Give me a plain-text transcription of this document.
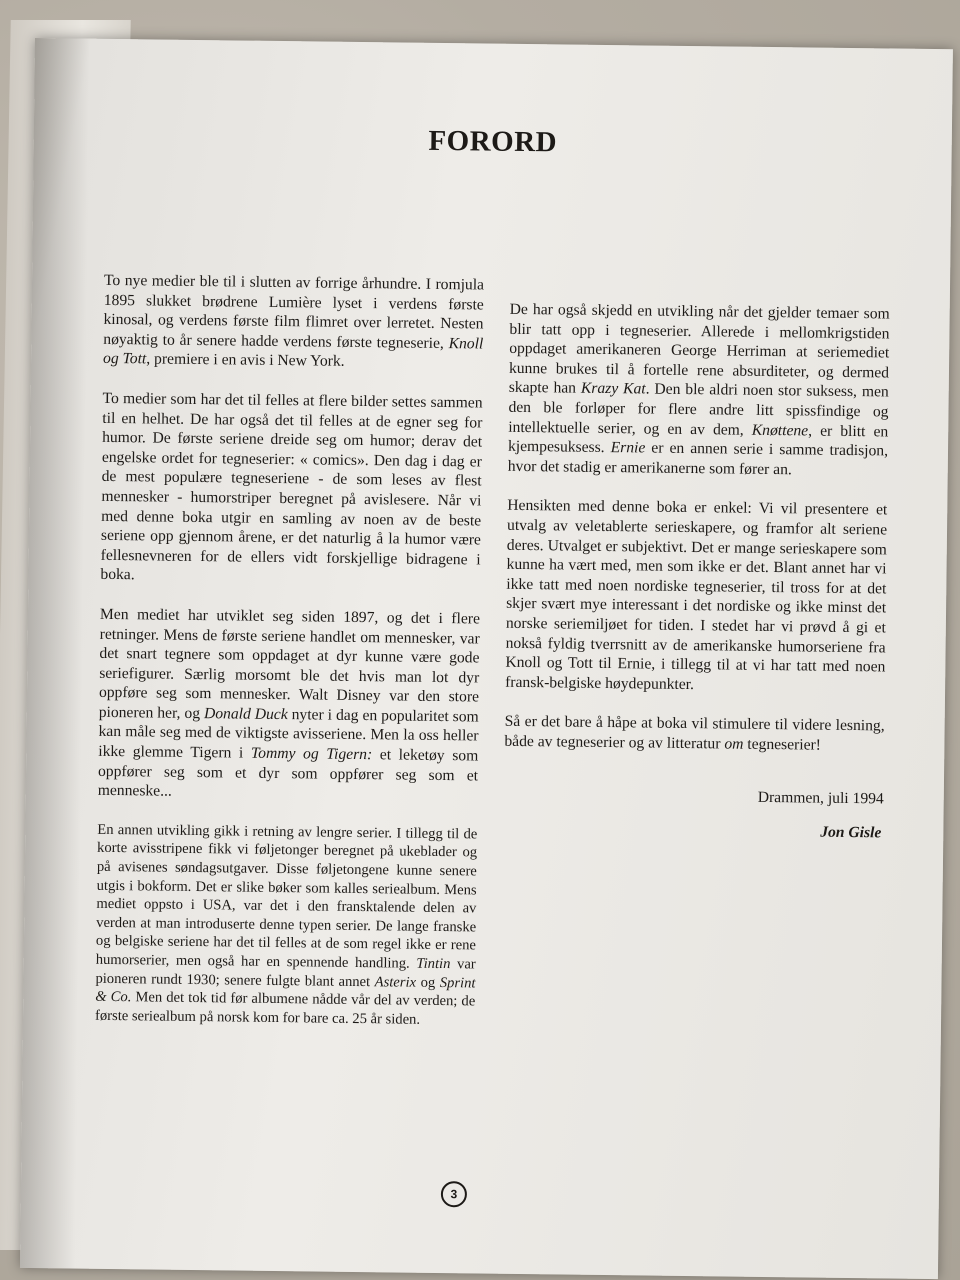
FORORD

To nye medier ble til i slutten av forrige århundre. I romjula 1895 slukket brødrene Lumière lyset i verdens første kinosal, og verdens første film flimret over lerretet. Nesten nøyaktig to år senere hadde verdens første tegneserie, Knoll og Tott, premiere i en avis i New York.

To medier som har det til felles at flere bilder settes sammen til en helhet. De har også det til felles at de egner seg for humor. De første seriene dreide seg om humor; derav det engelske ordet for tegneserier: « comics». Den dag i dag er de mest populære tegneseriene - de som leses av flest mennesker - humorstriper beregnet på avislesere. Når vi med denne boka utgir en samling av noen av de beste seriene opp gjennom årene, er det naturlig å la humor være fellesnevneren for de ellers vidt forskjellige bidragene i boka.

Men mediet har utviklet seg siden 1897, og det i flere retninger. Mens de første seriene handlet om mennesker, var det snart tegnere som oppdaget at dyr kunne være gode seriefigurer. Særlig morsomt ble det hvis man lot dyr oppføre seg som mennesker. Walt Disney var den store pioneren her, og Donald Duck nyter i dag en popularitet som kan måle seg med de viktigste avisseriene. Men la oss heller ikke glemme Tigern i Tommy og Tigern: et leketøy som oppfører seg som et dyr som oppfører seg som et menneske...

En annen utvikling gikk i retning av lengre serier. I tillegg til de korte avisstripene fikk vi føljetonger beregnet på ukeblader og på avisenes søndagsutgaver. Disse føljetongene kunne senere utgis i bokform. Det er slike bøker som kalles seriealbum. Mens mediet oppsto i USA, var det i den fransktalende delen av verden at man introduserte denne typen serier. De lange franske og belgiske seriene har det til felles at de som regel ikke er rene humorserier, men også har en spennende handling. Tintin var pioneren rundt 1930; senere fulgte blant annet Asterix og Sprint & Co. Men det tok tid før albumene nådde vår del av verden; de første seriealbum på norsk kom for bare ca. 25 år siden.

De har også skjedd en utvikling når det gjelder temaer som blir tatt opp i tegneserier. Allerede i mellomkrigstiden oppdaget amerikaneren George Herriman at seriemediet kunne brukes til å fortelle rene absurditeter, og dermed skapte han Krazy Kat. Den ble aldri noen stor suksess, men den ble forløper for flere andre litt spissfindige og intellektuelle serier, og en av dem, Knøttene, er blitt en kjempesuksess. Ernie er en annen serie i samme tradisjon, hvor det stadig er amerikanerne som fører an.

Hensikten med denne boka er enkel: Vi vil presentere et utvalg av veletablerte serieskapere, og framfor alt seriene deres. Utvalget er subjektivt. Det er mange serieskapere som kunne ha vært med, men som ikke er det. Blant annet har vi ikke tatt med noen nordiske tegneserier, til tross for at det skjer svært mye interessant i det nordiske og ikke minst det norske seriemiljøet for tiden. I stedet har vi prøvd å gi et nokså fyldig tverrsnitt av de amerikanske humorseriene fra Knoll og Tott til Ernie, i tillegg til at vi har tatt med noen fransk-belgiske høydepunkter.

Så er det bare å håpe at boka vil stimulere til videre lesning, både av tegneserier og av litteratur om tegneserier!

Drammen, juli 1994
Jon Gisle
3
